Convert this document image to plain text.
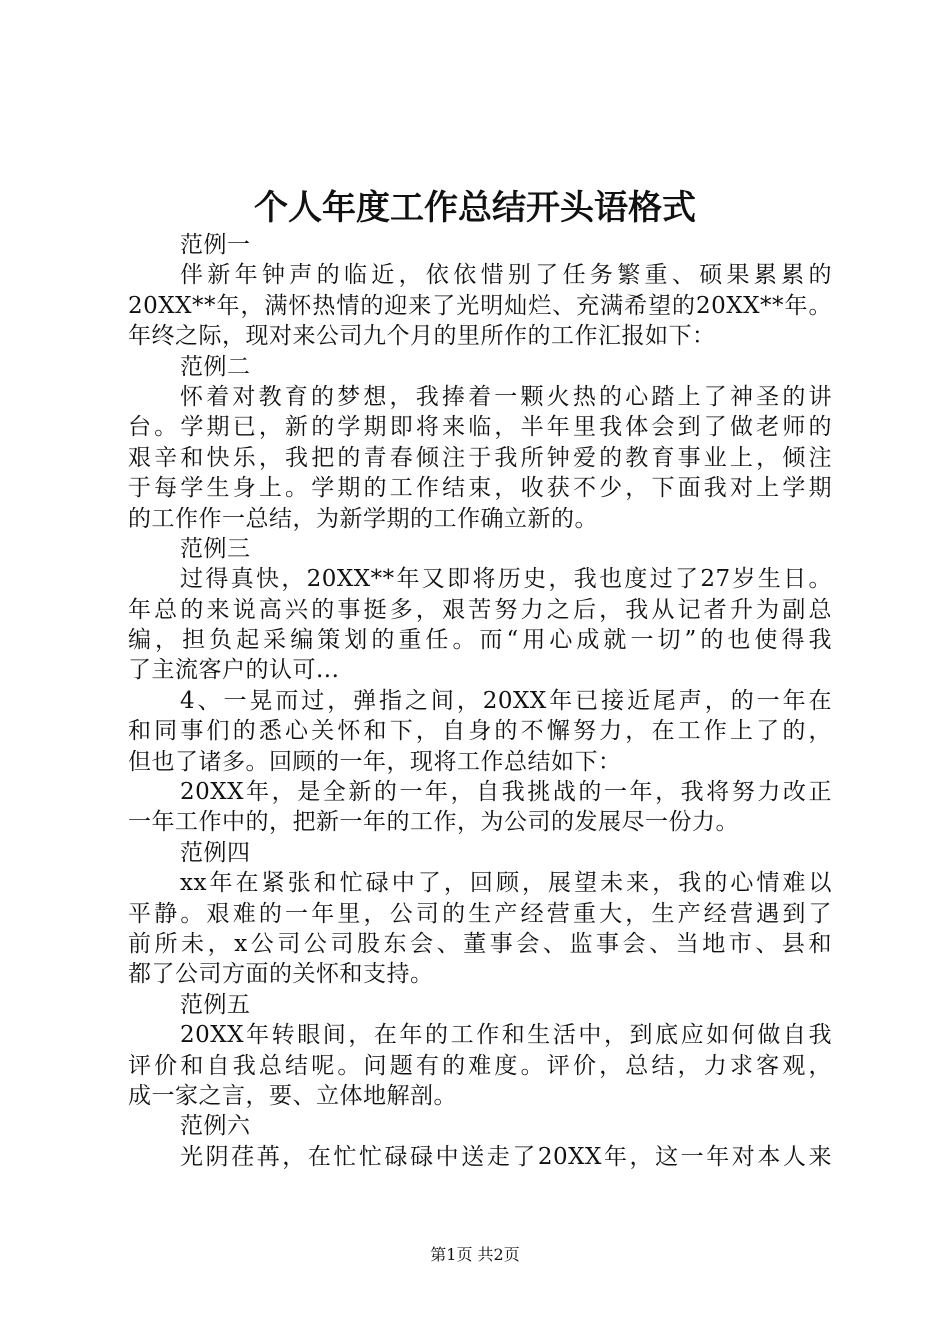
个人年度工作总结开头语格式
范例一
伴新年钟声的临近，依依惜别了任务繁重、硕果累累的
20XX**年，满怀热情的迎来了光明灿烂、充满希望的20XX**年。
年终之际，现对来公司九个月的里所作的工作汇报如下：
范例二
怀着对教育的梦想，我捧着一颗火热的心踏上了神圣的讲
台。学期已，新的学期即将来临，半年里我体会到了做老师的
艰辛和快乐，我把的青春倾注于我所钟爱的教育事业上，倾注
于每学生身上。学期的工作结束，收获不少，下面我对上学期
的工作作一总结，为新学期的工作确立新的。
范例三
过得真快，20XX**年又即将历史，我也度过了27岁生日。
年总的来说高兴的事挺多，艰苦努力之后，我从记者升为副总
编，担负起采编策划的重任。而“用心成就一切”的也使得我
了主流客户的认可...
4、一晃而过，弹指之间，20XX年已接近尾声，的一年在
和同事们的悉心关怀和下，自身的不懈努力，在工作上了的，
但也了诸多。回顾的一年，现将工作总结如下：
20XX年，是全新的一年，自我挑战的一年，我将努力改正
一年工作中的，把新一年的工作，为公司的发展尽一份力。
范例四
xx年在紧张和忙碌中了，回顾，展望未来，我的心情难以
平静。艰难的一年里，公司的生产经营重大，生产经营遇到了
前所未，x公司公司股东会、董事会、监事会、当地市、县和
都了公司方面的关怀和支持。
范例五
20XX年转眼间，在年的工作和生活中，到底应如何做自我
评价和自我总结呢。问题有的难度。评价，总结，力求客观，
成一家之言，要、立体地解剖。
范例六
光阴荏苒，在忙忙碌碌中送走了20XX年，这一年对本人来
第1页 共2页
